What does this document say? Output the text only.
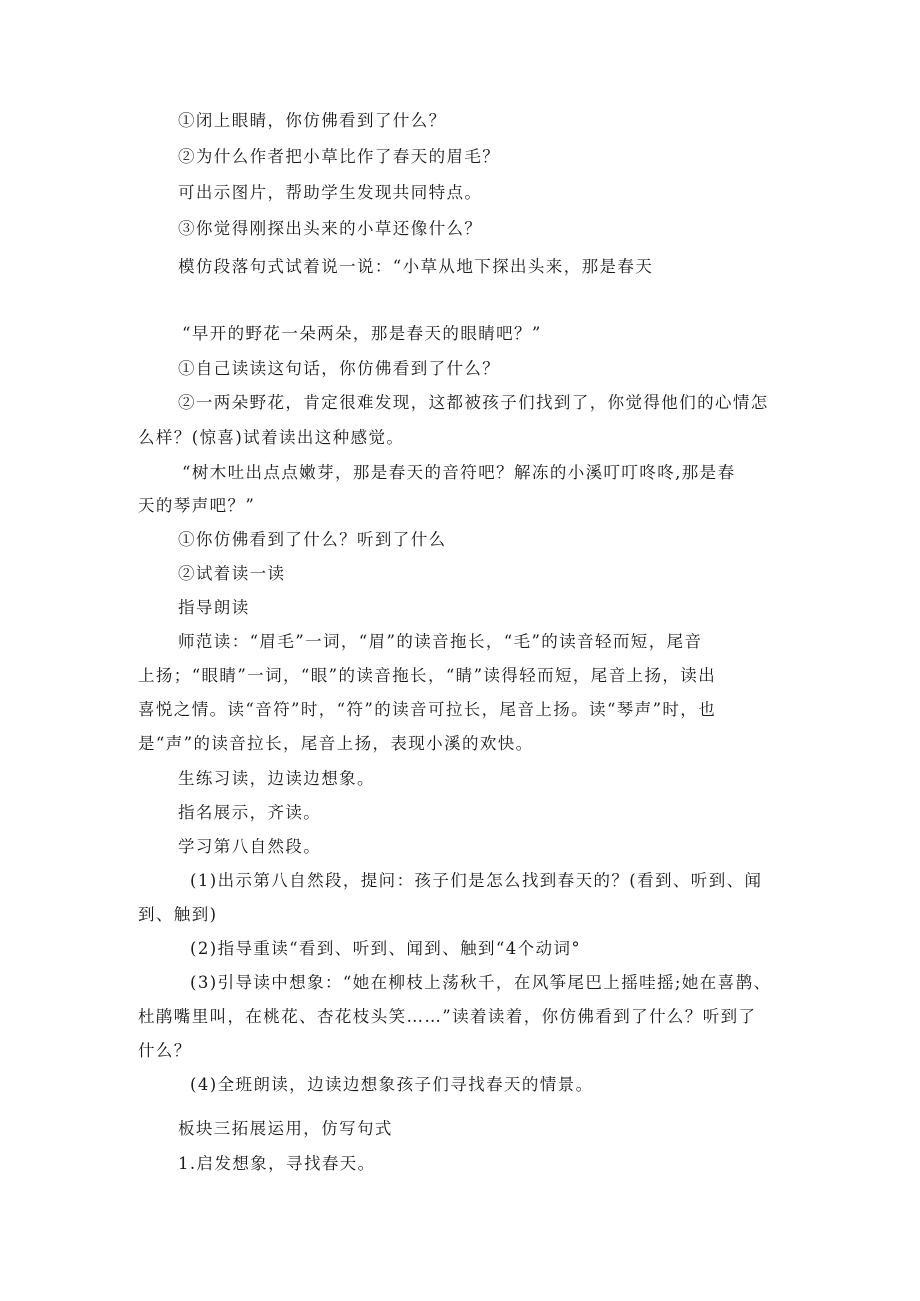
①闭上眼睛，你仿佛看到了什么？
②为什么作者把小草比作了春天的眉毛？
可出示图片，帮助学生发现共同特点。
③你觉得刚探出头来的小草还像什么？
模仿段落句式试着说一说：“小草从地下探出头来，那是春天
“早开的野花一朵两朵，那是春天的眼睛吧？”
①自己读读这句话，你仿佛看到了什么？
②一两朵野花，肯定很难发现，这都被孩子们找到了，你觉得他们的心情怎
么样？(惊喜)试着读出这种感觉。
“树木吐出点点嫩芽，那是春天的音符吧？解冻的小溪叮叮咚咚,那是春
天的琴声吧？”
①你仿佛看到了什么？听到了什么
②试着读一读
指导朗读
师范读：“眉毛”一词，“眉”的读音拖长，“毛”的读音轻而短，尾音
上扬；“眼睛”一词，“眼”的读音拖长，“睛”读得轻而短，尾音上扬，读出
喜悦之情。读“音符”时，“符”的读音可拉长，尾音上扬。读“琴声”时，也
是“声”的读音拉长，尾音上扬，表现小溪的欢快。
生练习读，边读边想象。
指名展示，齐读。
学习第八自然段。
(1)出示第八自然段，提问：孩子们是怎么找到春天的？(看到、听到、闻
到、触到)
(2)指导重读“看到、听到、闻到、触到“4个动词°
(3)引导读中想象：“她在柳枝上荡秋千，在风筝尾巴上摇哇摇;她在喜鹊、
杜鹃嘴里叫，在桃花、杏花枝头笑……”读着读着，你仿佛看到了什么？听到了
什么？
(4)全班朗读，边读边想象孩子们寻找春天的情景。
板块三拓展运用，仿写句式
1.启发想象，寻找春天。
